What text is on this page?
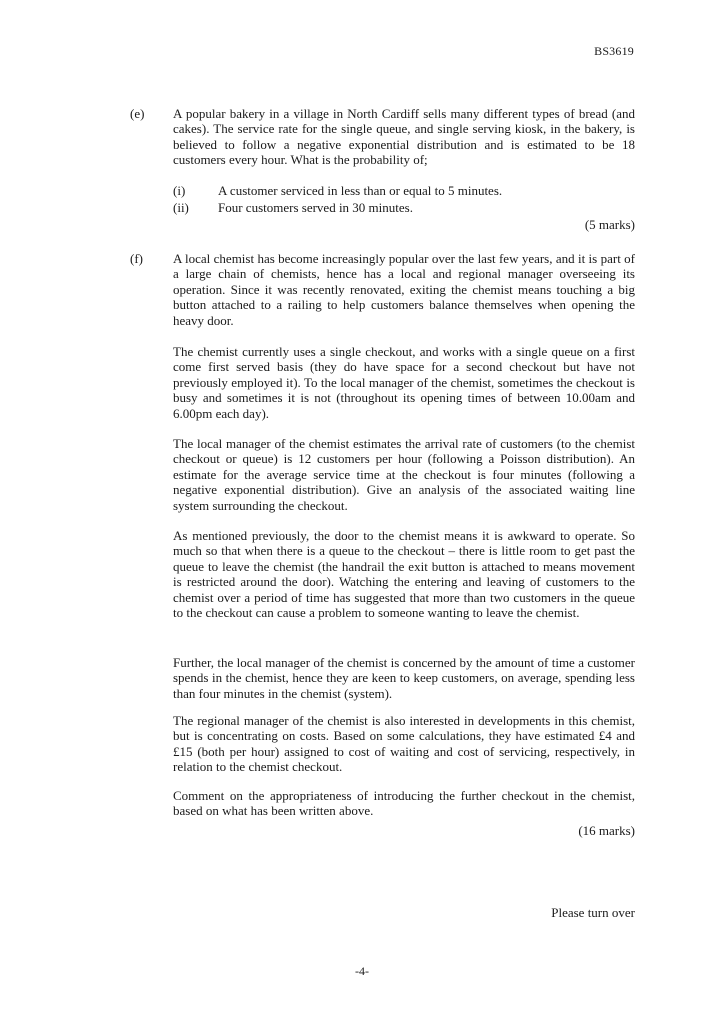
BS3619
(e) A popular bakery in a village in North Cardiff sells many different types of bread (and cakes). The service rate for the single queue, and single serving kiosk, in the bakery, is believed to follow a negative exponential distribution and is estimated to be 18 customers every hour. What is the probability of;

(i)	A customer serviced in less than or equal to 5 minutes.
(ii) Four customers served in 30 minutes.
(5 marks)
(f) A local chemist has become increasingly popular over the last few years, and it is part of a large chain of chemists, hence has a local and regional manager overseeing its operation. Since it was recently renovated, exiting the chemist means touching a big button attached to a railing to help customers balance themselves when opening the heavy door.

The chemist currently uses a single checkout, and works with a single queue on a first come first served basis (they do have space for a second checkout but have not previously employed it). To the local manager of the chemist, sometimes the checkout is busy and sometimes it is not (throughout its opening times of between 10.00am and 6.00pm each day).

The local manager of the chemist estimates the arrival rate of customers (to the chemist checkout or queue) is 12 customers per hour (following a Poisson distribution). An estimate for the average service time at the checkout is four minutes (following a negative exponential distribution). Give an analysis of the associated waiting line system surrounding the checkout.

As mentioned previously, the door to the chemist means it is awkward to operate. So much so that when there is a queue to the checkout – there is little room to get past the queue to leave the chemist (the handrail the exit button is attached to means movement is restricted around the door). Watching the entering and leaving of customers to the chemist over a period of time has suggested that more than two customers in the queue to the checkout can cause a problem to someone wanting to leave the chemist.

Further, the local manager of the chemist is concerned by the amount of time a customer spends in the chemist, hence they are keen to keep customers, on average, spending less than four minutes in the chemist (system).

The regional manager of the chemist is also interested in developments in this chemist, but is concentrating on costs. Based on some calculations, they have estimated £4 and £15 (both per hour) assigned to cost of waiting and cost of servicing, respectively, in relation to the chemist checkout.

Comment on the appropriateness of introducing the further checkout in the chemist, based on what has been written above.

(16 marks)
Please turn over
-4-
